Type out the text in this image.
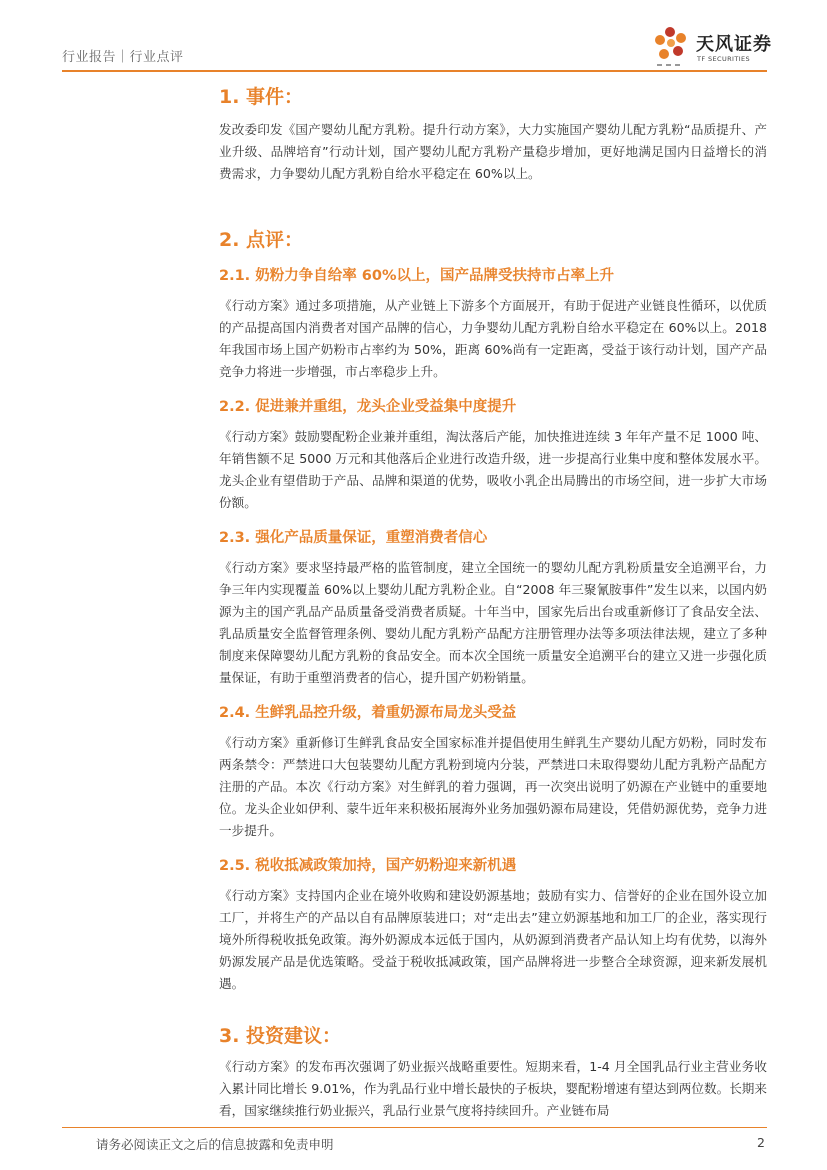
行业报告｜行业点评
天风证券
TF SECURITIES
1. 事件：

发改委印发《国产婴幼儿配方乳粉。提升行动方案》，大力实施国产婴幼儿配方乳粉“品质提升、产业升级、品牌培育”行动计划，国产婴幼儿配方乳粉产量稳步增加，更好地满足国内日益增长的消费需求，力争婴幼儿配方乳粉自给水平稳定在 60%以上。

2. 点评：
2.1. 奶粉力争自给率 60%以上，国产品牌受扶持市占率上升

《行动方案》通过多项措施，从产业链上下游多个方面展开，有助于促进产业链良性循环，以优质的产品提高国内消费者对国产品牌的信心，力争婴幼儿配方乳粉自给水平稳定在 60%以上。2018 年我国市场上国产奶粉市占率约为 50%，距离 60%尚有一定距离，受益于该行动计划，国产产品竞争力将进一步增强，市占率稳步上升。

2.2. 促进兼并重组，龙头企业受益集中度提升

《行动方案》鼓励婴配粉企业兼并重组，淘汰落后产能，加快推进连续 3 年年产量不足 1000 吨、年销售额不足 5000 万元和其他落后企业进行改造升级，进一步提高行业集中度和整体发展水平。龙头企业有望借助于产品、品牌和渠道的优势，吸收小乳企出局腾出的市场空间，进一步扩大市场份额。

2.3. 强化产品质量保证，重塑消费者信心

《行动方案》要求坚持最严格的监管制度，建立全国统一的婴幼儿配方乳粉质量安全追溯平台，力争三年内实现覆盖 60%以上婴幼儿配方乳粉企业。自“2008 年三聚氰胺事件”发生以来，以国内奶源为主的国产乳品产品质量备受消费者质疑。十年当中，国家先后出台或重新修订了食品安全法、乳品质量安全监督管理条例、婴幼儿配方乳粉产品配方注册管理办法等多项法律法规，建立了多种制度来保障婴幼儿配方乳粉的食品安全。而本次全国统一质量安全追溯平台的建立又进一步强化质量保证，有助于重塑消费者的信心，提升国产奶粉销量。

2.4. 生鲜乳品控升级，着重奶源布局龙头受益

《行动方案》重新修订生鲜乳食品安全国家标准并提倡使用生鲜乳生产婴幼儿配方奶粉，同时发布两条禁令：严禁进口大包装婴幼儿配方乳粉到境内分装，严禁进口未取得婴幼儿配方乳粉产品配方注册的产品。本次《行动方案》对生鲜乳的着力强调，再一次突出说明了奶源在产业链中的重要地位。龙头企业如伊利、蒙牛近年来积极拓展海外业务加强奶源布局建设，凭借奶源优势，竞争力进一步提升。

2.5. 税收抵减政策加持，国产奶粉迎来新机遇

《行动方案》支持国内企业在境外收购和建设奶源基地；鼓励有实力、信誉好的企业在国外设立加工厂，并将生产的产品以自有品牌原装进口；对“走出去”建立奶源基地和加工厂的企业，落实现行境外所得税收抵免政策。海外奶源成本远低于国内，从奶源到消费者产品认知上均有优势，以海外奶源发展产品是优选策略。受益于税收抵减政策，国产品牌将进一步整合全球资源，迎来新发展机遇。

3. 投资建议：

《行动方案》的发布再次强调了奶业振兴战略重要性。短期来看，1-4 月全国乳品行业主营业务收入累计同比增长 9.01%，作为乳品行业中增长最快的子板块，婴配粉增速有望达到两位数。长期来看，国家继续推行奶业振兴，乳品行业景气度将持续回升。产业链布局

请务必阅读正文之后的信息披露和免责申明	2
